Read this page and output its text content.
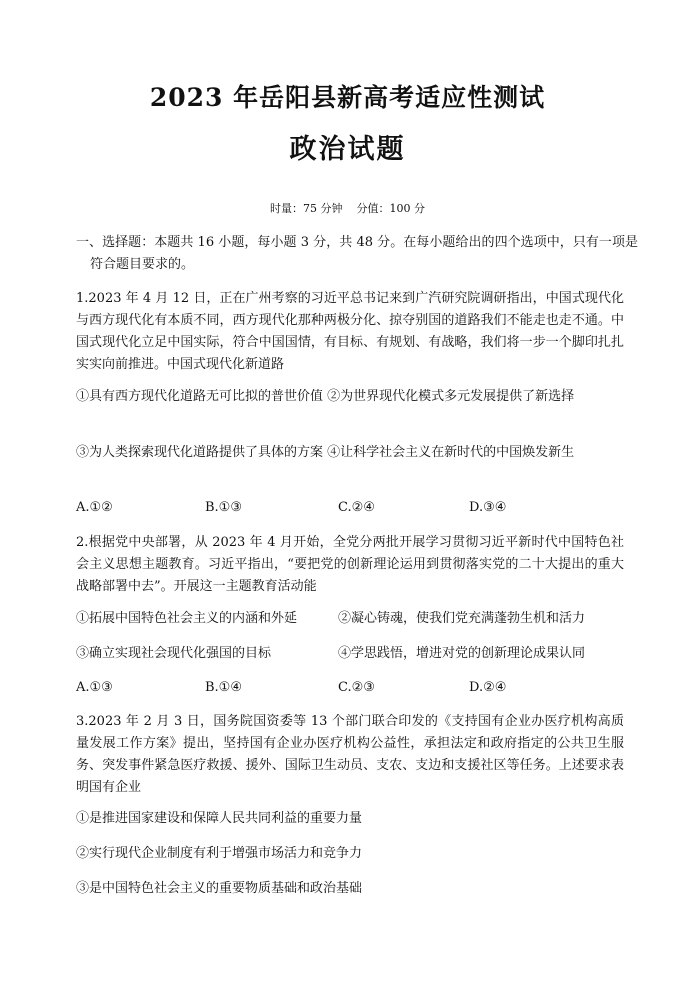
2023 年岳阳县新高考适应性测试
政治试题
时量：75 分钟 分值：100 分
一、选择题：本题共 16 小题，每小题 3 分，共 48 分。在每小题给出的四个选项中，只有一项是符合题目要求的。
1.2023 年 4 月 12 日，正在广州考察的习近平总书记来到广汽研究院调研指出，中国式现代化与西方现代化有本质不同，西方现代化那种两极分化、掠夺别国的道路我们不能走也走不通。中国式现代化立足中国实际，符合中国国情，有目标、有规划、有战略，我们将一步一个脚印扎扎实实向前推进。中国式现代化新道路
①具有西方现代化道路无可比拟的普世价值 ②为世界现代化模式多元发展提供了新选择
③为人类探索现代化道路提供了具体的方案 ④让科学社会主义在新时代的中国焕发新生
A.①②	B.①③	C.②④	D.③④
2.根据党中央部署，从 2023 年 4 月开始，全党分两批开展学习贯彻习近平新时代中国特色社会主义思想主题教育。习近平指出，“要把党的创新理论运用到贯彻落实党的二十大提出的重大战略部署中去”。开展这一主题教育活动能
①拓展中国特色社会主义的内涵和外延	②凝心铸魂，使我们党充满蓬勃生机和活力
③确立实现社会现代化强国的目标	④学思践悟，增进对党的创新理论成果认同
A.①③	B.①④	C.②③	D.②④
3.2023 年 2 月 3 日，国务院国资委等 13 个部门联合印发的《支持国有企业办医疗机构高质量发展工作方案》提出，坚持国有企业办医疗机构公益性，承担法定和政府指定的公共卫生服务、突发事件紧急医疗救援、援外、国际卫生动员、支农、支边和支援社区等任务。上述要求表明国有企业
①是推进国家建设和保障人民共同利益的重要力量
②实行现代企业制度有利于增强市场活力和竞争力
③是中国特色社会主义的重要物质基础和政治基础
